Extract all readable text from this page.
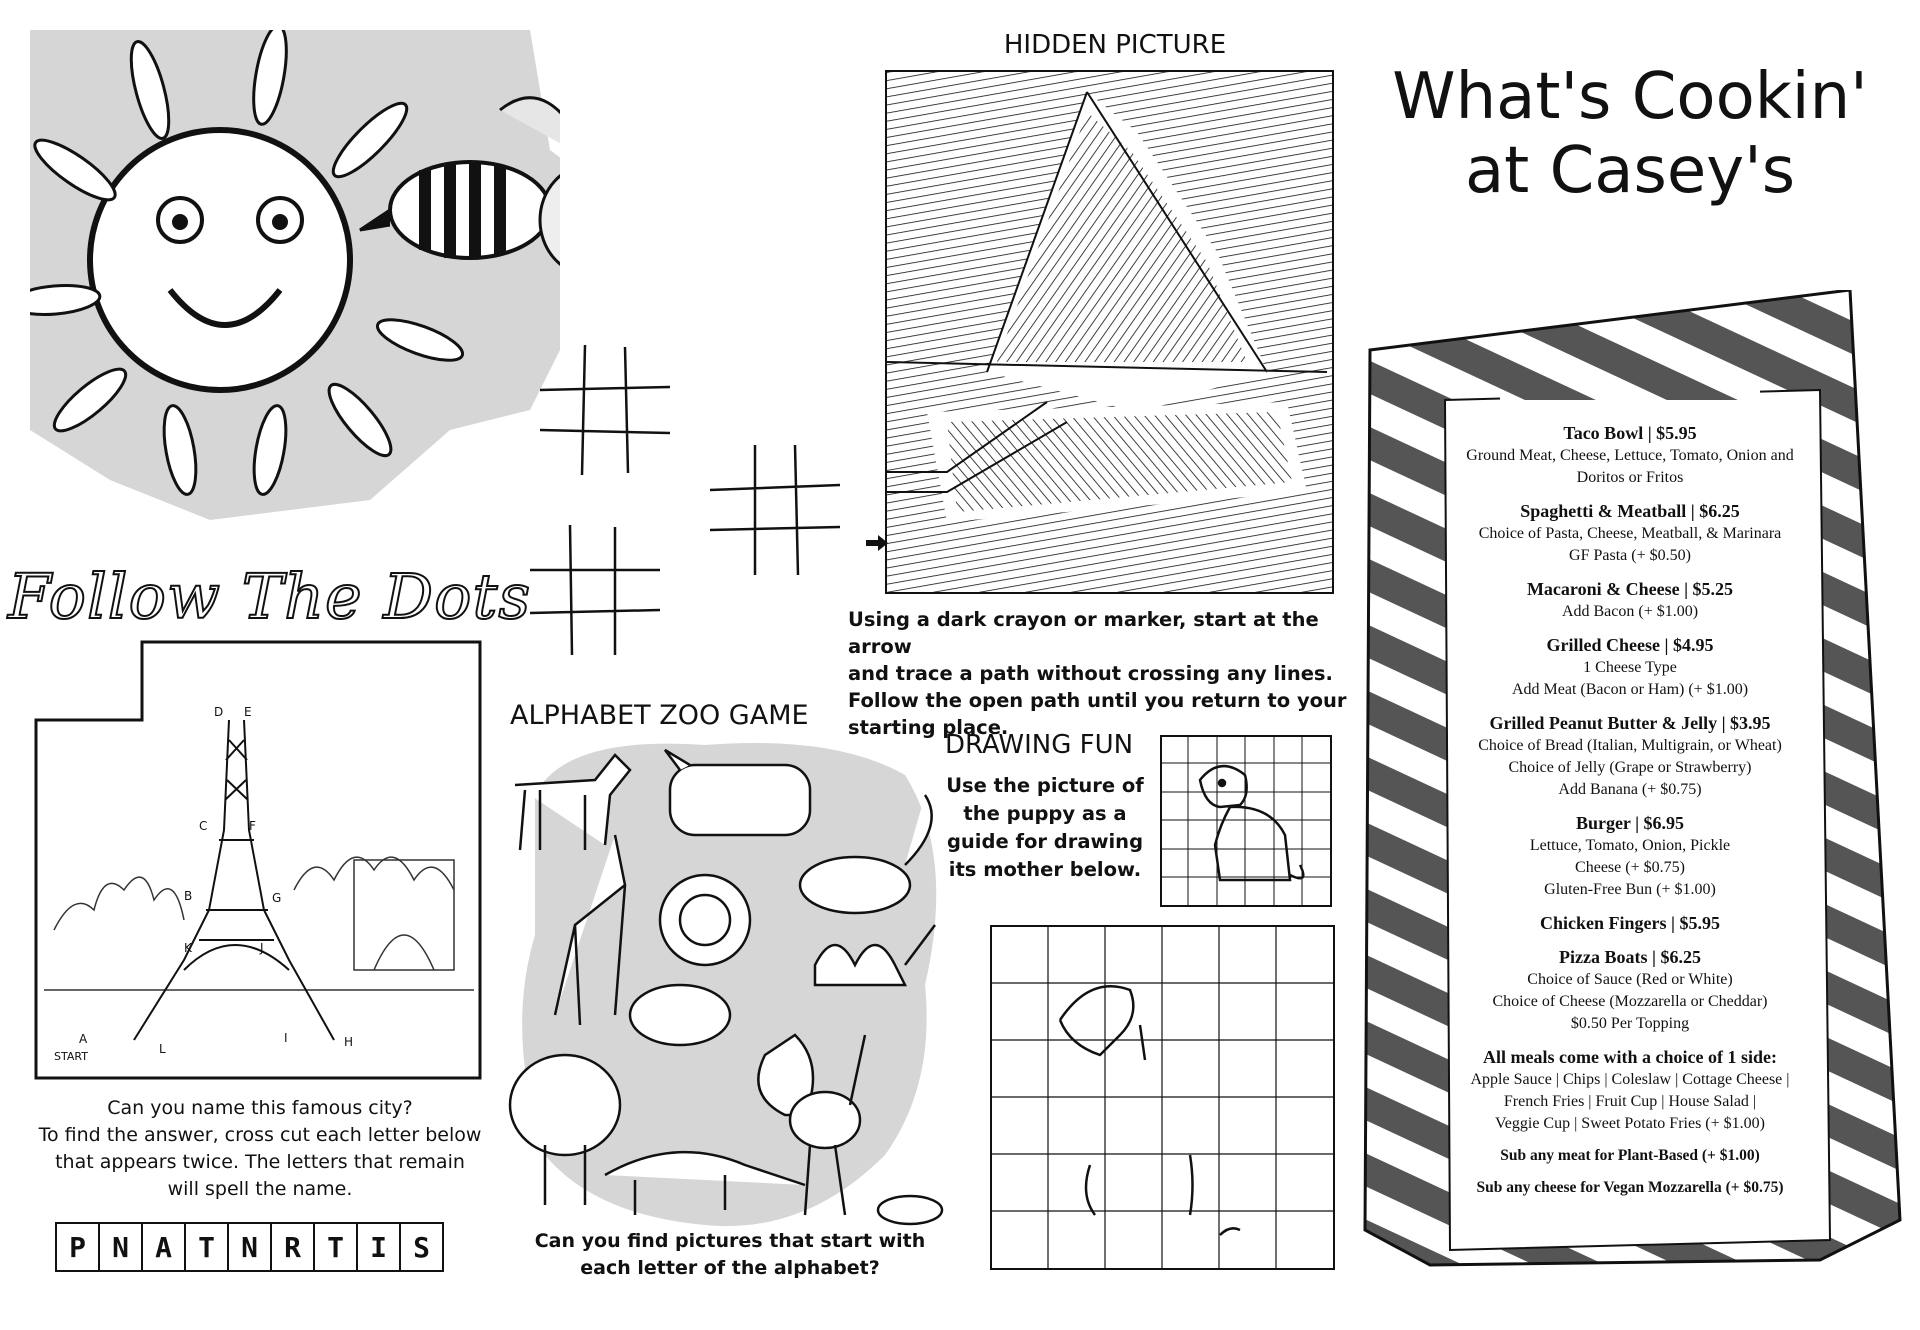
Follow The Dots
D E
C	F
B	G
K	J
A
L
I	H
START
Can you name this famous city?
To find the answer, cross cut each letter below
that appears twice. The letters that remain
will spell the name.
P N A T N R T I S
HIDDEN PICTURE
Using a dark crayon or marker, start at the arrow
and trace a path without crossing any lines.
Follow the open path until you return to your
starting place.
ALPHABET ZOO GAME
Can you find pictures that start with
each letter of the alphabet?
DRAWING FUN
Use the picture of
the puppy as a
guide for drawing
its mother below.
What's Cookin'
at Casey's
Taco Bowl | $5.95
Ground Meat, Cheese, Lettuce, Tomato, Onion and
Doritos or Fritos
Spaghetti & Meatball | $6.25
Choice of Pasta, Cheese, Meatball, & Marinara
GF Pasta (+ $0.50)
Macaroni & Cheese | $5.25
Add Bacon (+ $1.00)
Grilled Cheese | $4.95
1 Cheese Type
Add Meat (Bacon or Ham) (+ $1.00)
Grilled Peanut Butter & Jelly | $3.95
Choice of Bread (Italian, Multigrain, or Wheat)
Choice of Jelly (Grape or Strawberry)
Add Banana (+ $0.75)
Burger | $6.95
Lettuce, Tomato, Onion, Pickle
Cheese (+ $0.75)
Gluten-Free Bun (+ $1.00)
Chicken Fingers | $5.95
Pizza Boats | $6.25
Choice of Sauce (Red or White)
Choice of Cheese (Mozzarella or Cheddar)
$0.50 Per Topping
All meals come with a choice of 1 side:
Apple Sauce | Chips | Coleslaw | Cottage Cheese |
French Fries | Fruit Cup | House Salad |
Veggie Cup | Sweet Potato Fries (+ $1.00)
Sub any meat for Plant-Based (+ $1.00)
Sub any cheese for Vegan Mozzarella (+ $0.75)
